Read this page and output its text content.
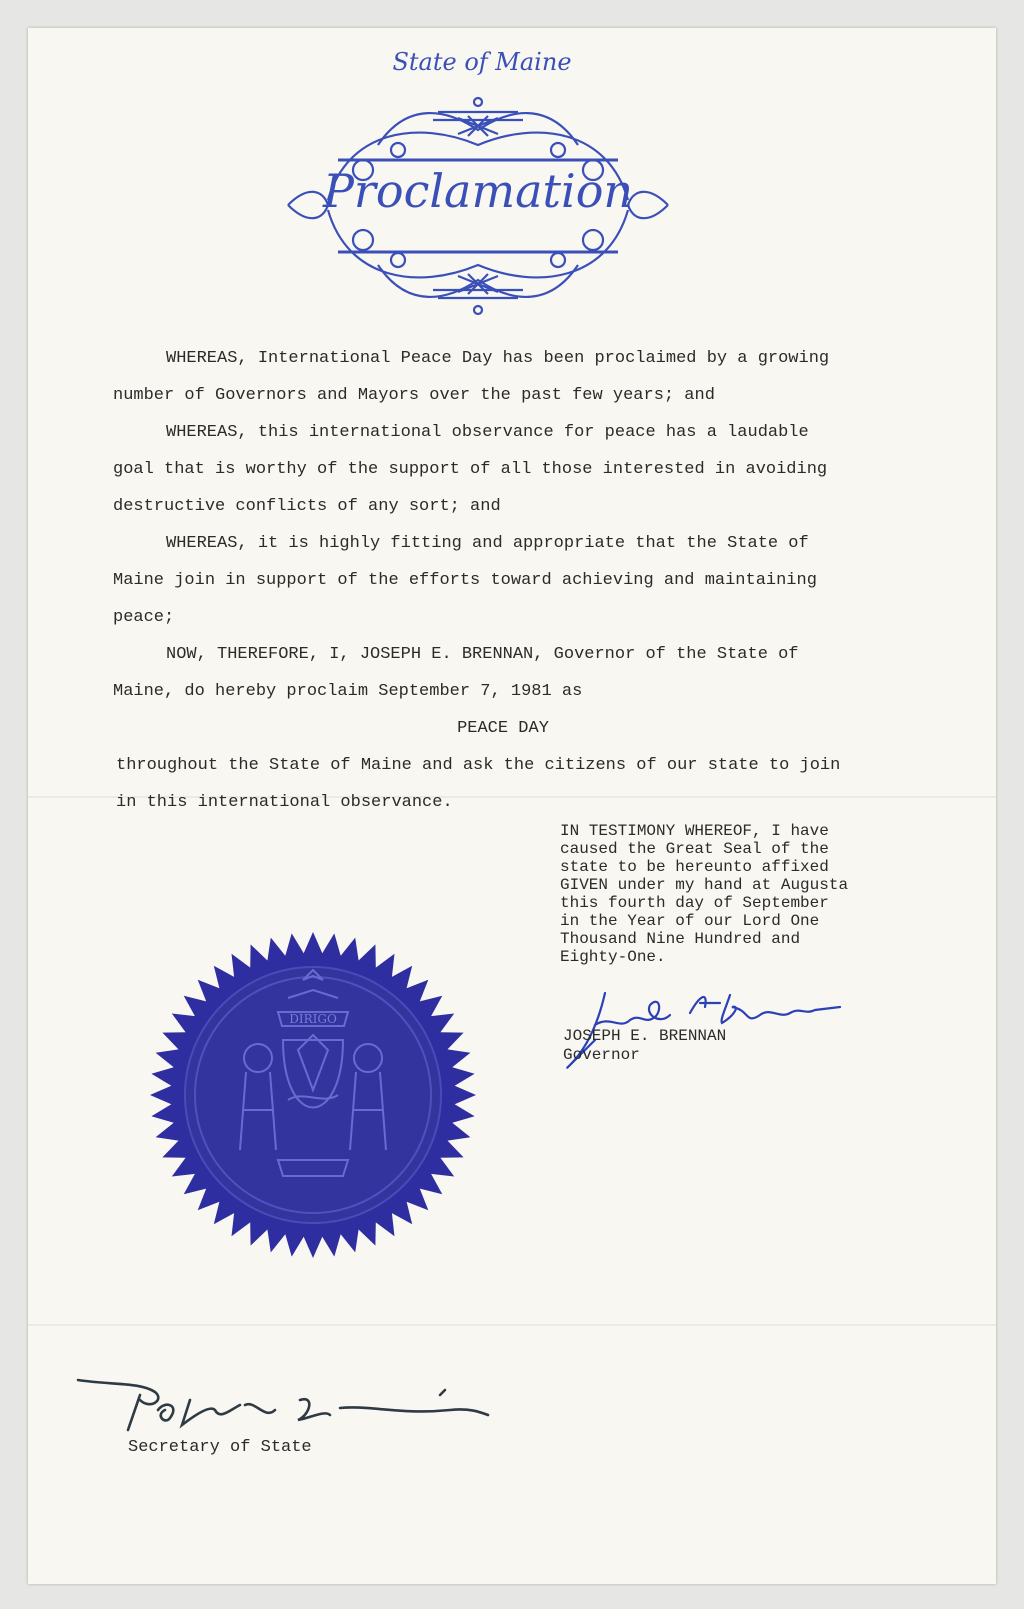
State of Maine
Proclamation

WHEREAS, International Peace Day has been proclaimed by a growing

number of Governors and Mayors over the past few years; and

WHEREAS, this international observance for peace has a laudable

goal that is worthy of the support of all those interested in avoiding

destructive conflicts of any sort; and

WHEREAS, it is highly fitting and appropriate that the State of

Maine join in support of the efforts toward achieving and maintaining

peace;

NOW, THEREFORE, I, JOSEPH E. BRENNAN, Governor of the State of

Maine, do hereby proclaim September 7, 1981 as

PEACE DAY

throughout the State of Maine and ask the citizens of our state to join

in this international observance.

IN TESTIMONY WHEREOF, I have
caused the Great Seal of the
state to be hereunto affixed
GIVEN under my hand at Augusta
this fourth day of September
in the Year of our Lord One
Thousand Nine Hundred and
Eighty-One.

JOSEPH E. BRENNAN
Governor
DIRIGO
Secretary of State
